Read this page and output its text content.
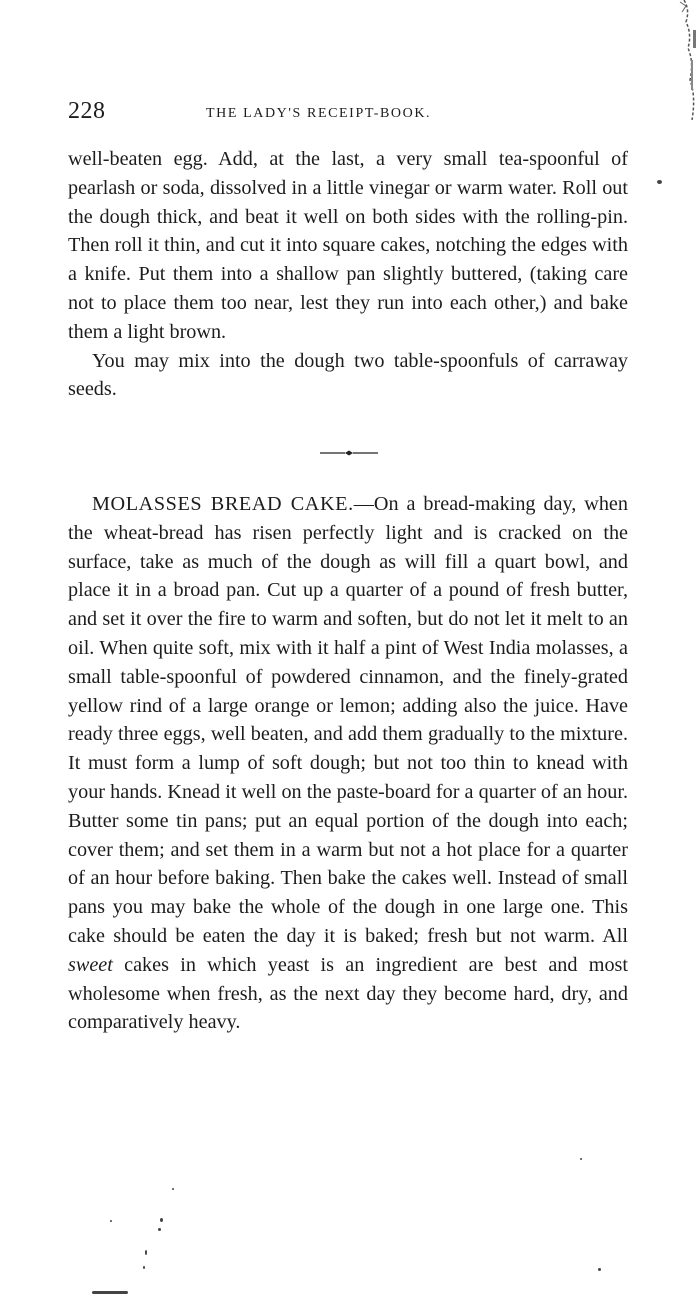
228	THE LADY'S RECEIPT-BOOK.

well-beaten egg. Add, at the last, a very small tea-spoonful of pearlash or soda, dissolved in a little vinegar or warm water. Roll out the dough thick, and beat it well on both sides with the rolling-pin. Then roll it thin, and cut it into square cakes, notching the edges with a knife. Put them into a shallow pan slightly buttered, (taking care not to place them too near, lest they run into each other,) and bake them a light brown.

You may mix into the dough two table-spoonfuls of carraway seeds.

MOLASSES BREAD CAKE.—On a bread-making day, when the wheat-bread has risen perfectly light and is cracked on the surface, take as much of the dough as will fill a quart bowl, and place it in a broad pan. Cut up a quarter of a pound of fresh butter, and set it over the fire to warm and soften, but do not let it melt to an oil. When quite soft, mix with it half a pint of West India molasses, a small table-spoonful of powdered cinnamon, and the finely-grated yellow rind of a large orange or lemon; adding also the juice. Have ready three eggs, well beaten, and add them gradually to the mixture. It must form a lump of soft dough; but not too thin to knead with your hands. Knead it well on the paste-board for a quarter of an hour. Butter some tin pans; put an equal portion of the dough into each; cover them; and set them in a warm but not a hot place for a quarter of an hour before baking. Then bake the cakes well. Instead of small pans you may bake the whole of the dough in one large one. This cake should be eaten the day it is baked; fresh but not warm. All sweet cakes in which yeast is an ingredient are best and most wholesome when fresh, as the next day they become hard, dry, and comparatively heavy.
